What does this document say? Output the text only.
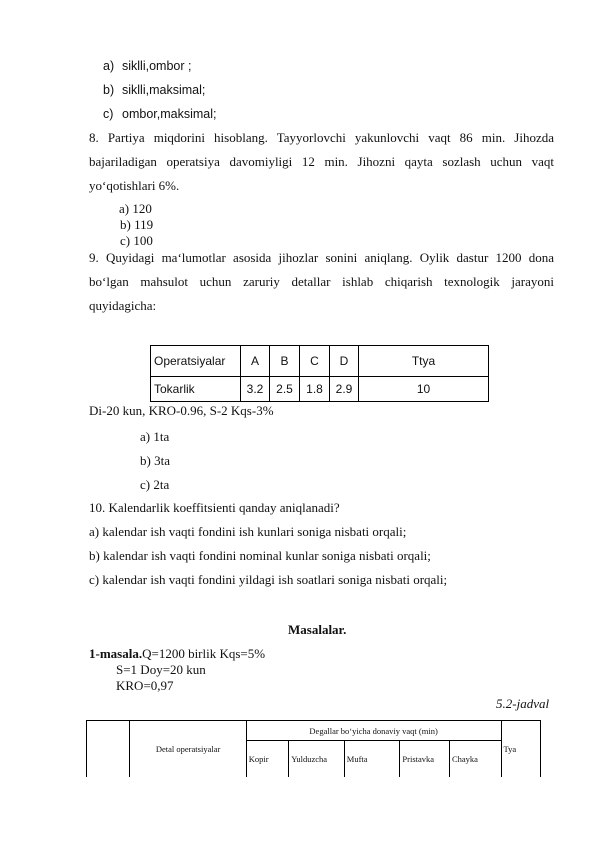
a) siklli,ombor ;
b) siklli,maksimal;
c) ombor,maksimal;
8. Partiya miqdorini hisoblang. Tayyorlovchi yakunlovchi vaqt 86 min. Jihozda
bajariladigan operatsiya davomiyligi 12 min. Jihozni qayta sozlash uchun vaqt
yo‘qotishlari 6%.
a) 120
b) 119
c) 100
9. Quyidagi ma‘lumotlar asosida jihozlar sonini aniqlang. Oylik dastur 1200 dona
bo‘lgan mahsulot uchun zaruriy detallar ishlab chiqarish texnologik jarayoni
quyidagicha:
Operatsiyalar	A	B	C	D	Ttya
Tokarlik	3.2	2.5	1.8	2.9	10
Di-20 kun, KRO-0.96, S-2 Kqs-3%
a) 1ta
b) 3ta
c) 2ta
10. Kalendarlik koeffitsienti qanday aniqlanadi?
a) kalendar ish vaqti fondini ish kunlari soniga nisbati orqali;
b) kalendar ish vaqti fondini nominal kunlar soniga nisbati orqali;
c) kalendar ish vaqti fondini yildagi ish soatlari soniga nisbati orqali;
Masalalar.
1-masala.Q=1200 birlik Kqs=5%
S=1 Doy=20 kun
KRO=0,97
5.2-jadval
	Detal operatsiyalar	Degallar bo‘yicha donaviy vaqt (min)					Tya
		Kopir	Yulduzcha	Mufta	Pristavka	Chayka	
